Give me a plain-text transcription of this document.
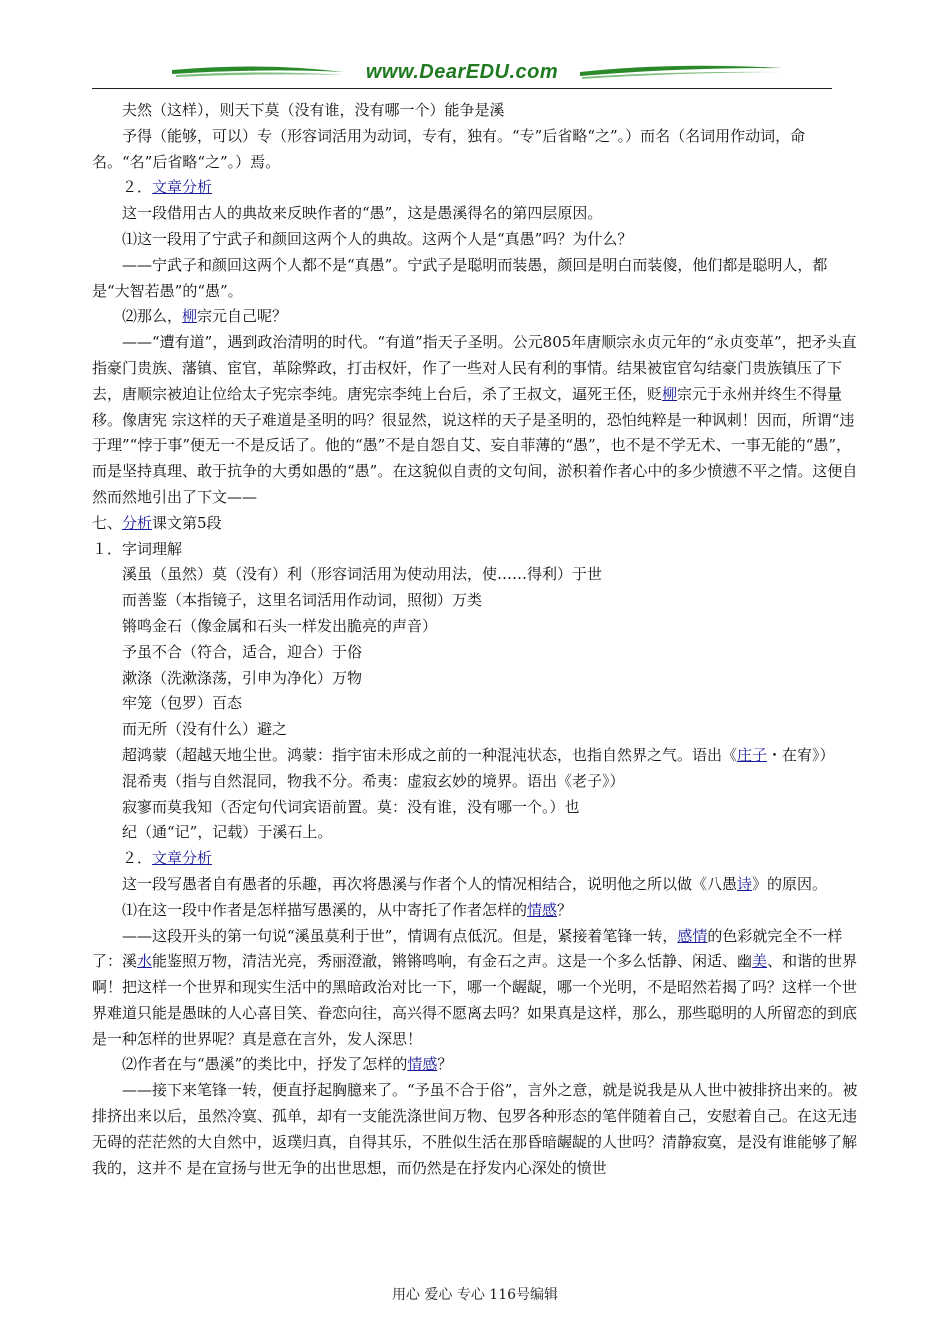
www.DearEDU.com

夫然（这样），则天下莫（没有谁，没有哪一个）能争是溪

予得（能够，可以）专（形容词活用为动词，专有，独有。“专”后省略“之”。）而名（名词用作动词，命名。“名”后省略“之”。）焉。

２．文章分析

这一段借用古人的典故来反映作者的“愚”，这是愚溪得名的第四层原因。

⑴这一段用了宁武子和颜回这两个人的典故。这两个人是“真愚”吗？为什么？

——宁武子和颜回这两个人都不是“真愚”。宁武子是聪明而装愚，颜回是明白而装傻，他们都是聪明人，都是“大智若愚”的“愚”。

⑵那么，柳宗元自己呢？

——“遭有道”，遇到政治清明的时代。“有道”指天子圣明。公元805年唐顺宗永贞元年的“永贞变革”，把矛头直指豪门贵族、藩镇、宦官，革除弊政，打击权奸，作了一些对人民有利的事情。结果被宦官勾结豪门贵族镇压了下去，唐顺宗被迫让位给太子宪宗李纯。唐宪宗李纯上台后，杀了王叔文，逼死王伾，贬柳宗元于永州并终生不得量移。像唐宪 宗这样的天子难道是圣明的吗？很显然，说这样的天子是圣明的，恐怕纯粹是一种讽刺！因而，所谓“违于理”“悖于事”便无一不是反话了。他的“愚”不是自怨自艾、妄自菲薄的“愚”，也不是不学无术、一事无能的“愚”，而是坚持真理、敢于抗争的大勇如愚的“愚”。在这貌似自责的文句间，淤积着作者心中的多少愤懑不平之情。这便自然而然地引出了下文——

七、分析课文第5段

１．字词理解

溪虽（虽然）莫（没有）利（形容词活用为使动用法，使……得利）于世

而善鉴（本指镜子，这里名词活用作动词，照彻）万类

锵鸣金石（像金属和石头一样发出脆亮的声音）

予虽不合（符合，适合，迎合）于俗

漱涤（洗漱涤荡，引申为净化）万物

牢笼（包罗）百态

而无所（没有什么）避之

超鸿蒙（超越天地尘世。鸿蒙：指宇宙未形成之前的一种混沌状态，也指自然界之气。语出《庄子・在宥》）

混希夷（指与自然混同，物我不分。希夷：虚寂玄妙的境界。语出《老子》）

寂寥而莫我知（否定句代词宾语前置。莫：没有谁，没有哪一个。）也

纪（通“记”，记载）于溪石上。

２．文章分析

这一段写愚者自有愚者的乐趣，再次将愚溪与作者个人的情况相结合，说明他之所以做《八愚诗》的原因。

⑴在这一段中作者是怎样描写愚溪的，从中寄托了作者怎样的情感？

——这段开头的第一句说“溪虽莫利于世”，情调有点低沉。但是，紧接着笔锋一转，感情的色彩就完全不一样了：溪水能鉴照万物，清洁光亮，秀丽澄澈，锵锵鸣响，有金石之声。这是一个多么恬静、闲适、幽美、和谐的世界啊！把这样一个世界和现实生活中的黑暗政治对比一下，哪一个龌龊，哪一个光明，不是昭然若揭了吗？这样一个世界难道只能是愚昧的人心喜目笑、眷恋向往，高兴得不愿离去吗？如果真是这样，那么，那些聪明的人所留恋的到底是一种怎样的世界呢？真是意在言外，发人深思！

⑵作者在与“愚溪”的类比中，抒发了怎样的情感？

——接下来笔锋一转，便直抒起胸臆来了。“予虽不合于俗”，言外之意，就是说我是从人世中被排挤出来的。被排挤出来以后，虽然冷寞、孤单，却有一支能洗涤世间万物、包罗各种形态的笔伴随着自己，安慰着自己。在这无违无碍的茫茫然的大自然中，返璞归真，自得其乐，不胜似生活在那昏暗龌龊的人世吗？清静寂寞，是没有谁能够了解我的，这并不 是在宣扬与世无争的出世思想，而仍然是在抒发内心深处的愤世

用心 爱心 专心 116号编辑
